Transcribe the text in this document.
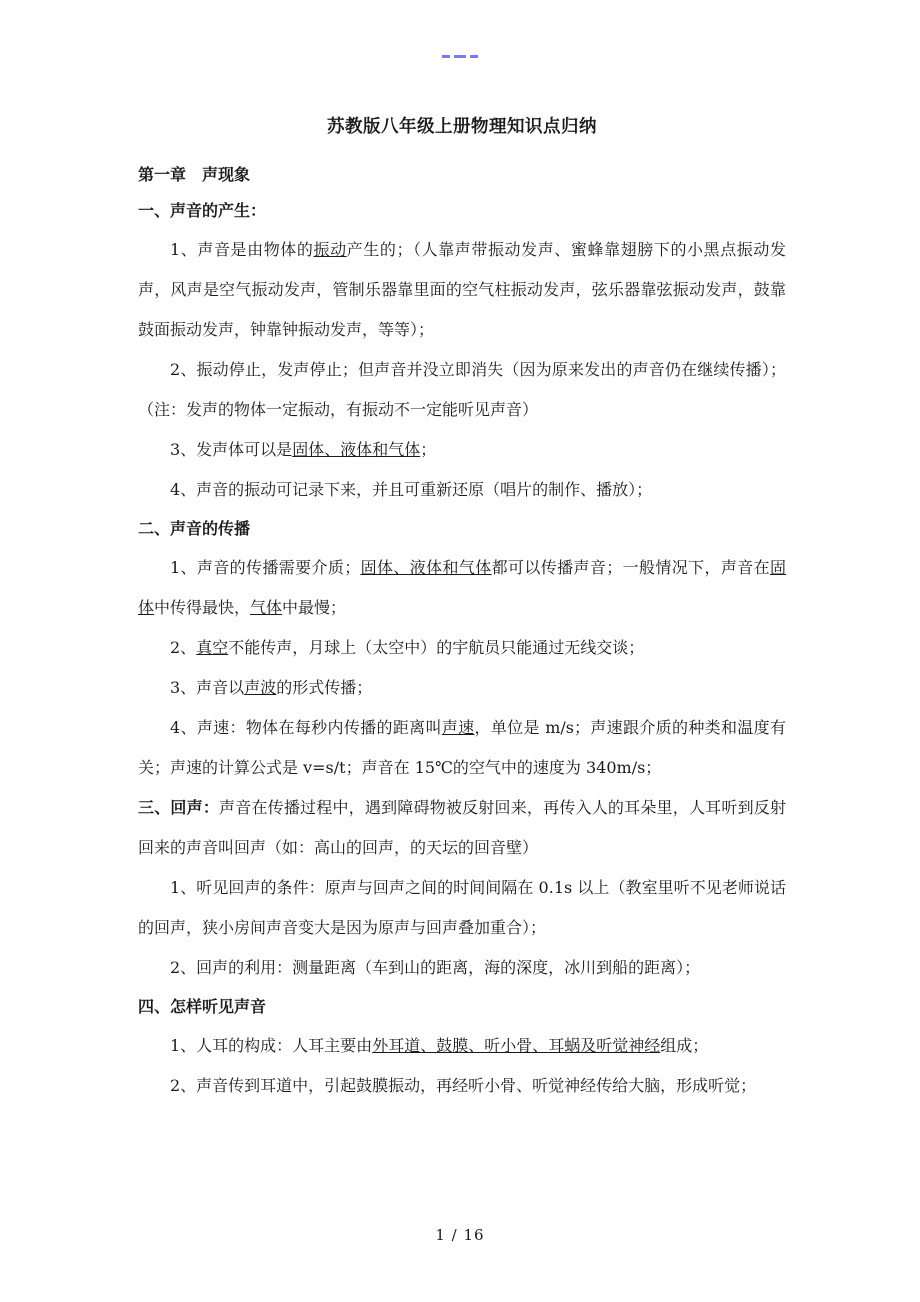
苏教版八年级上册物理知识点归纳
第一章　声现象
一、声音的产生：

1、声音是由物体的振动产生的；（人靠声带振动发声、蜜蜂靠翅膀下的小黑点振动发声，风声是空气振动发声，管制乐器靠里面的空气柱振动发声，弦乐器靠弦振动发声，鼓靠鼓面振动发声，钟靠钟振动发声，等等）；

2、振动停止，发声停止；但声音并没立即消失（因为原来发出的声音仍在继续传播）；（注：发声的物体一定振动，有振动不一定能听见声音）

3、发声体可以是固体、液体和气体；

4、声音的振动可记录下来，并且可重新还原（唱片的制作、播放）；

二、声音的传播

1、声音的传播需要介质；固体、液体和气体都可以传播声音；一般情况下，声音在固体中传得最快，气体中最慢；

2、真空不能传声，月球上（太空中）的宇航员只能通过无线交谈；

3、声音以声波的形式传播；

4、声速：物体在每秒内传播的距离叫声速，单位是 m/s；声速跟介质的种类和温度有关；声速的计算公式是 v=s/t；声音在 15℃的空气中的速度为 340m/s；

三、回声：声音在传播过程中，遇到障碍物被反射回来，再传入人的耳朵里，人耳听到反射回来的声音叫回声（如：高山的回声，的天坛的回音壁）

1、听见回声的条件：原声与回声之间的时间间隔在 0.1s 以上（教室里听不见老师说话的回声，狭小房间声音变大是因为原声与回声叠加重合）；

2、回声的利用：测量距离（车到山的距离，海的深度，冰川到船的距离）；

四、怎样听见声音

1、人耳的构成：人耳主要由外耳道、鼓膜、听小骨、耳蜗及听觉神经组成；

2、声音传到耳道中，引起鼓膜振动，再经听小骨、听觉神经传给大脑，形成听觉；

1 / 16
